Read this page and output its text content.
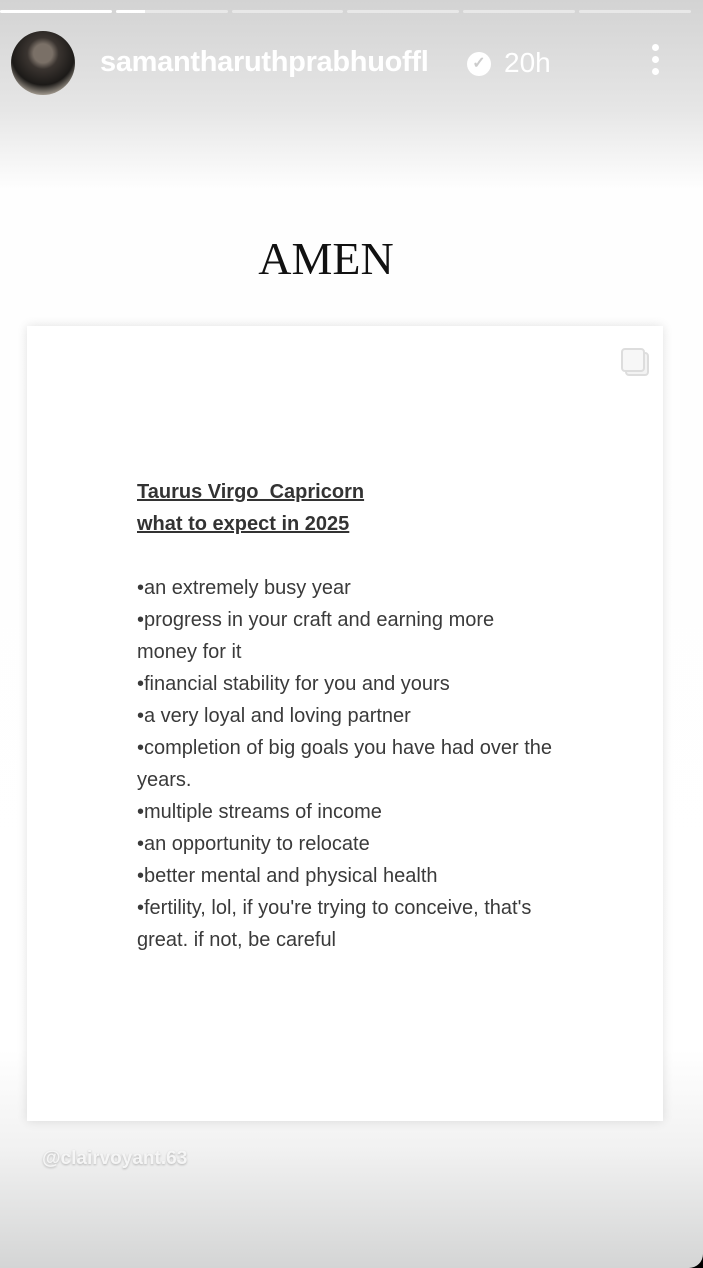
samantharuthprabhuoffl	✓ 20h
AMEN
Taurus Virgo  Capricorn
what to expect in 2025
•an extremely busy year
•progress in your craft and earning more money for it
•financial stability for you and yours
•a very loyal and loving partner
•completion of big goals you have had over the years.
•multiple streams of income
•an opportunity to relocate
•better mental and physical health
•fertility, lol, if you're trying to conceive, that's great. if not, be careful
@clairvoyant.63
